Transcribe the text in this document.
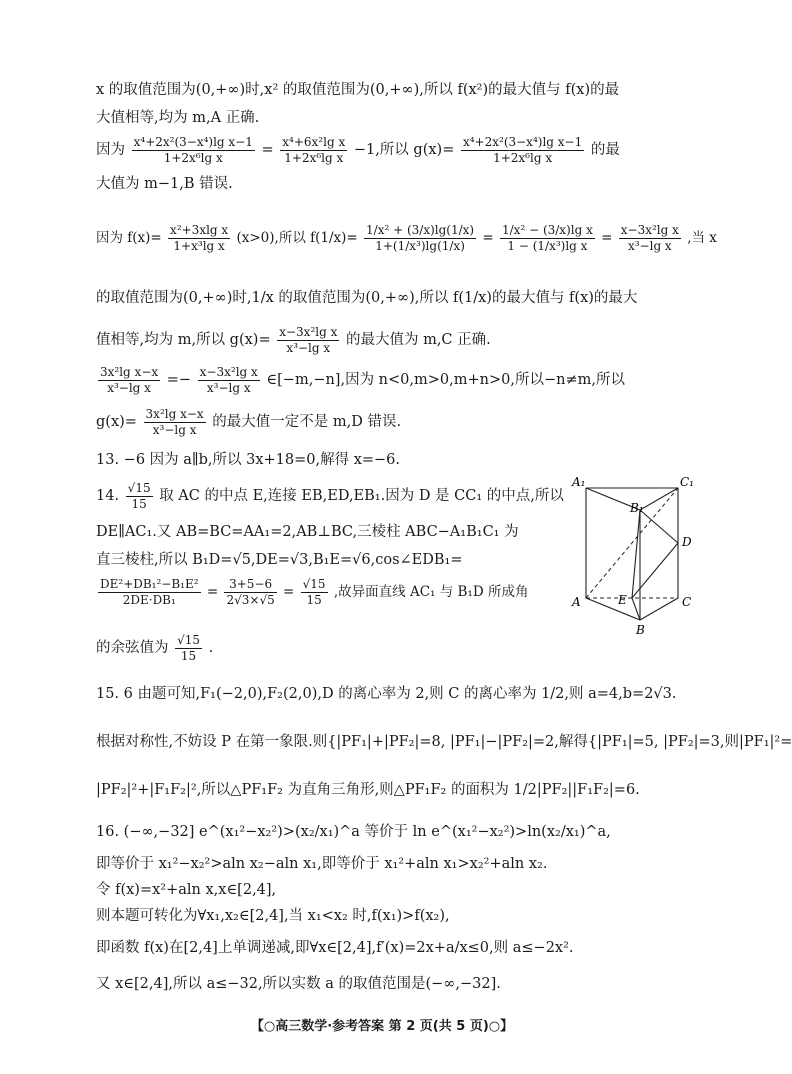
x 的取值范围为(0,+∞)时,x² 的取值范围为(0,+∞),所以 f(x²)的最大值与 f(x)的最
大值相等,均为 m,A 正确.
因为 $\frac{\text{x⁴+2x²(3−x⁴)lg x−1}}{\text{1+2x⁶lg x}} = \frac{\text{x⁴+6x²lg x}}{\text{1+2x⁶lg x}} -1$,所以 $g(x)= \frac{\text{x⁴+2x²(3−x⁴)lg x−1}}{\text{1+2x⁶lg x}}$ 的最
大值为 m−1,B 错误.
因为 $f(x)= \frac{\text{x²+3xlg x}}{\text{1+x³lg x}} (x>0)$,所以 $f(1/x)= \frac{\text{1/x² + (3/x)lg(1/x)}}{\text{1+(1/x³)lg(1/x)}} = \frac{\text{1/x² − (3/x)lg x}}{\text{1 − (1/x³)lg x}} = \frac{\text{x−3x²lg x}}{\text{x³−lg x}}$ ,当 x
的取值范围为(0,+∞)时,1/x 的取值范围为(0,+∞),所以 f(1/x)的最大值与 f(x)的最大
值相等,均为 m,所以 $g(x)= \frac{\text{x−3x²lg x}}{\text{x³−lg x}}$ 的最大值为 m,C 正确.
$\frac{\text{3x²lg x−x}}{\text{x³−lg x}} =- \frac{\text{x−3x²lg x}}{\text{x³−lg x}}$ ∈[−m,−n],因为 n<0,m>0,m+n>0,所以−n≠m,所以
$g(x)= \frac{\text{3x²lg x−x}}{\text{x³−lg x}}$ 的最大值一定不是 m,D 错误.
13. −6 因为 a∥b,所以 3x+18=0,解得 x=−6.
14. $\frac{√15}{15}$ 取 AC 的中点 E,连接 EB,ED,EB₁.因为 D 是 CC₁ 的中点,所以
DE∥AC₁.又 AB=BC=AA₁=2,AB⊥BC,三棱柱 ABC−A₁B₁C₁ 为
直三棱柱,所以 B₁D=√5,DE=√3,B₁E=√6,cos∠EDB₁=
$\frac{\text{DE²+DB₁²−B₁E²}}{\text{2DE·DB₁}} = \frac{3+5-6}{2√3\times√5} = \frac{√15}{15}$ ,故异面直线 AC₁ 与 B₁D 所成角
的余弦值为 $\frac{√15}{15}$ .
15. 6 由题可知,F₁(−2,0),F₂(2,0),D 的离心率为 2,则 C 的离心率为 1/2,则 a=4,b=2√3.
根据对称性,不妨设 P 在第一象限.则{|PF₁|+|PF₂|=8, |PF₁|−|PF₂|=2,解得{|PF₁|=5, |PF₂|=3,则|PF₁|²=
|PF₂|²+|F₁F₂|²,所以△PF₁F₂ 为直角三角形,则△PF₁F₂ 的面积为 1/2|PF₂||F₁F₂|=6.
16. (−∞,−32] e^(x₁²−x₂²)>(x₂/x₁)^a 等价于 ln e^(x₁²−x₂²)>ln(x₂/x₁)^a,
即等价于 x₁²−x₂²>aln x₂−aln x₁,即等价于 x₁²+aln x₁>x₂²+aln x₂.
令 f(x)=x²+aln x,x∈[2,4],
则本题可转化为∀x₁,x₂∈[2,4],当 x₁<x₂ 时,f(x₁)>f(x₂),
即函数 f(x)在[2,4]上单调递减,即∀x∈[2,4],f′(x)=2x+a/x≤0,则 a≤−2x².
又 x∈[2,4],所以 a≤−32,所以实数 a 的取值范围是(−∞,−32].
A₁	C₁
B₁
D
E
A	C
B
【○高三数学·参考答案 第 2 页(共 5 页)○】
